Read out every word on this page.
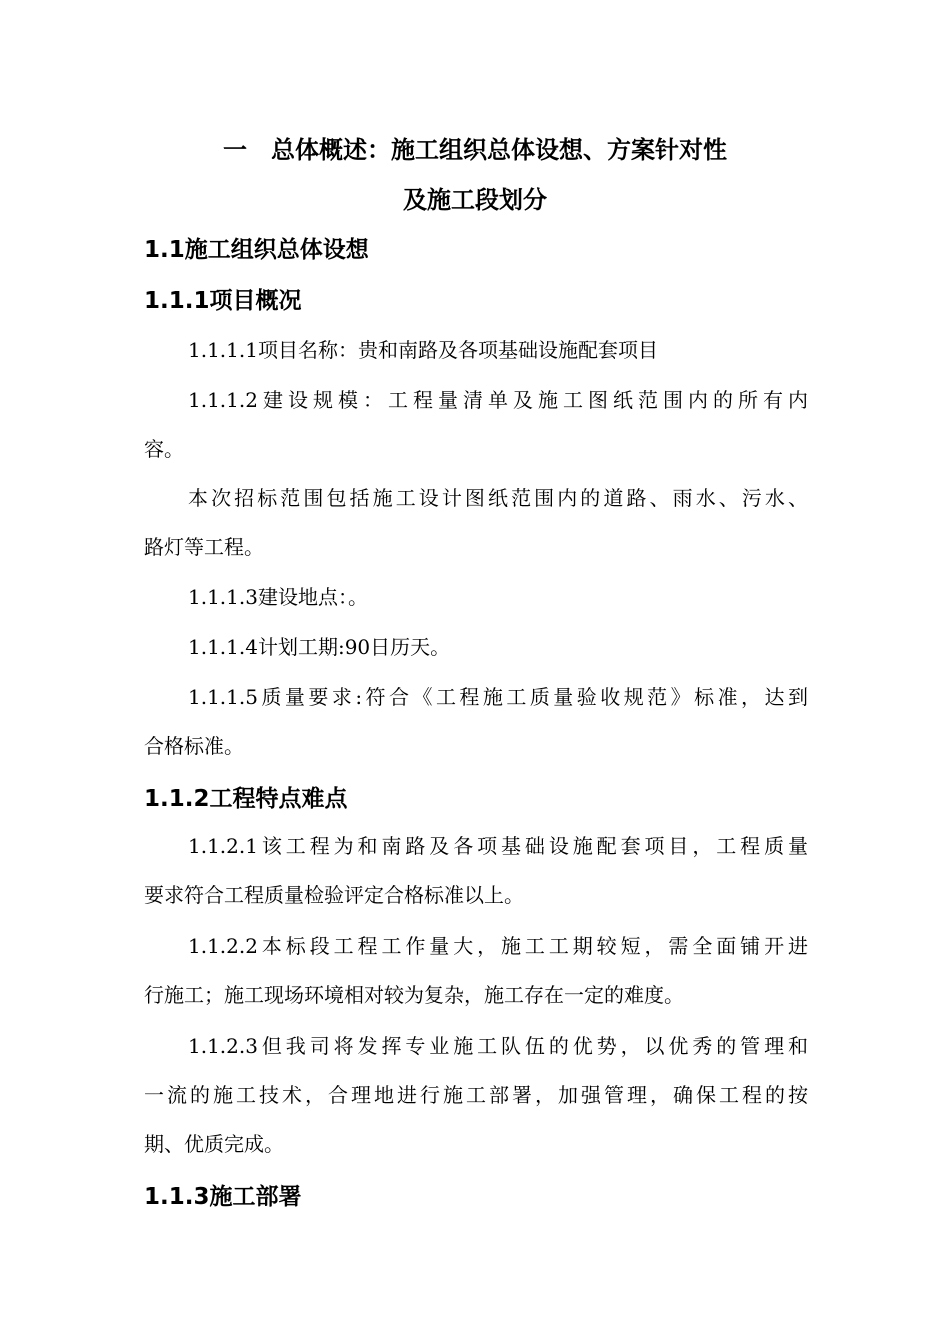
一 总体概述：施工组织总体设想、方案针对性
及施工段划分
1.1施工组织总体设想
1.1.1项目概况

1.1.1.1项目名称：贵和南路及各项基础设施配套项目

1.1.1.2建设规模：工程量清单及施工图纸范围内的所有内
容。

本次招标范围包括施工设计图纸范围内的道路、雨水、污水、
路灯等工程。

1.1.1.3建设地点：。

1.1.1.4计划工期:90日历天。

1.1.1.5质量要求:符合《工程施工质量验收规范》标准，达到
合格标准。

1.1.2工程特点难点

1.1.2.1该工程为和南路及各项基础设施配套项目，工程质量
要求符合工程质量检验评定合格标准以上。

1.1.2.2本标段工程工作量大，施工工期较短，需全面铺开进
行施工；施工现场环境相对较为复杂，施工存在一定的难度。

1.1.2.3但我司将发挥专业施工队伍的优势，以优秀的管理和
一流的施工技术，合理地进行施工部署，加强管理，确保工程的按
期、优质完成。

1.1.3施工部署
